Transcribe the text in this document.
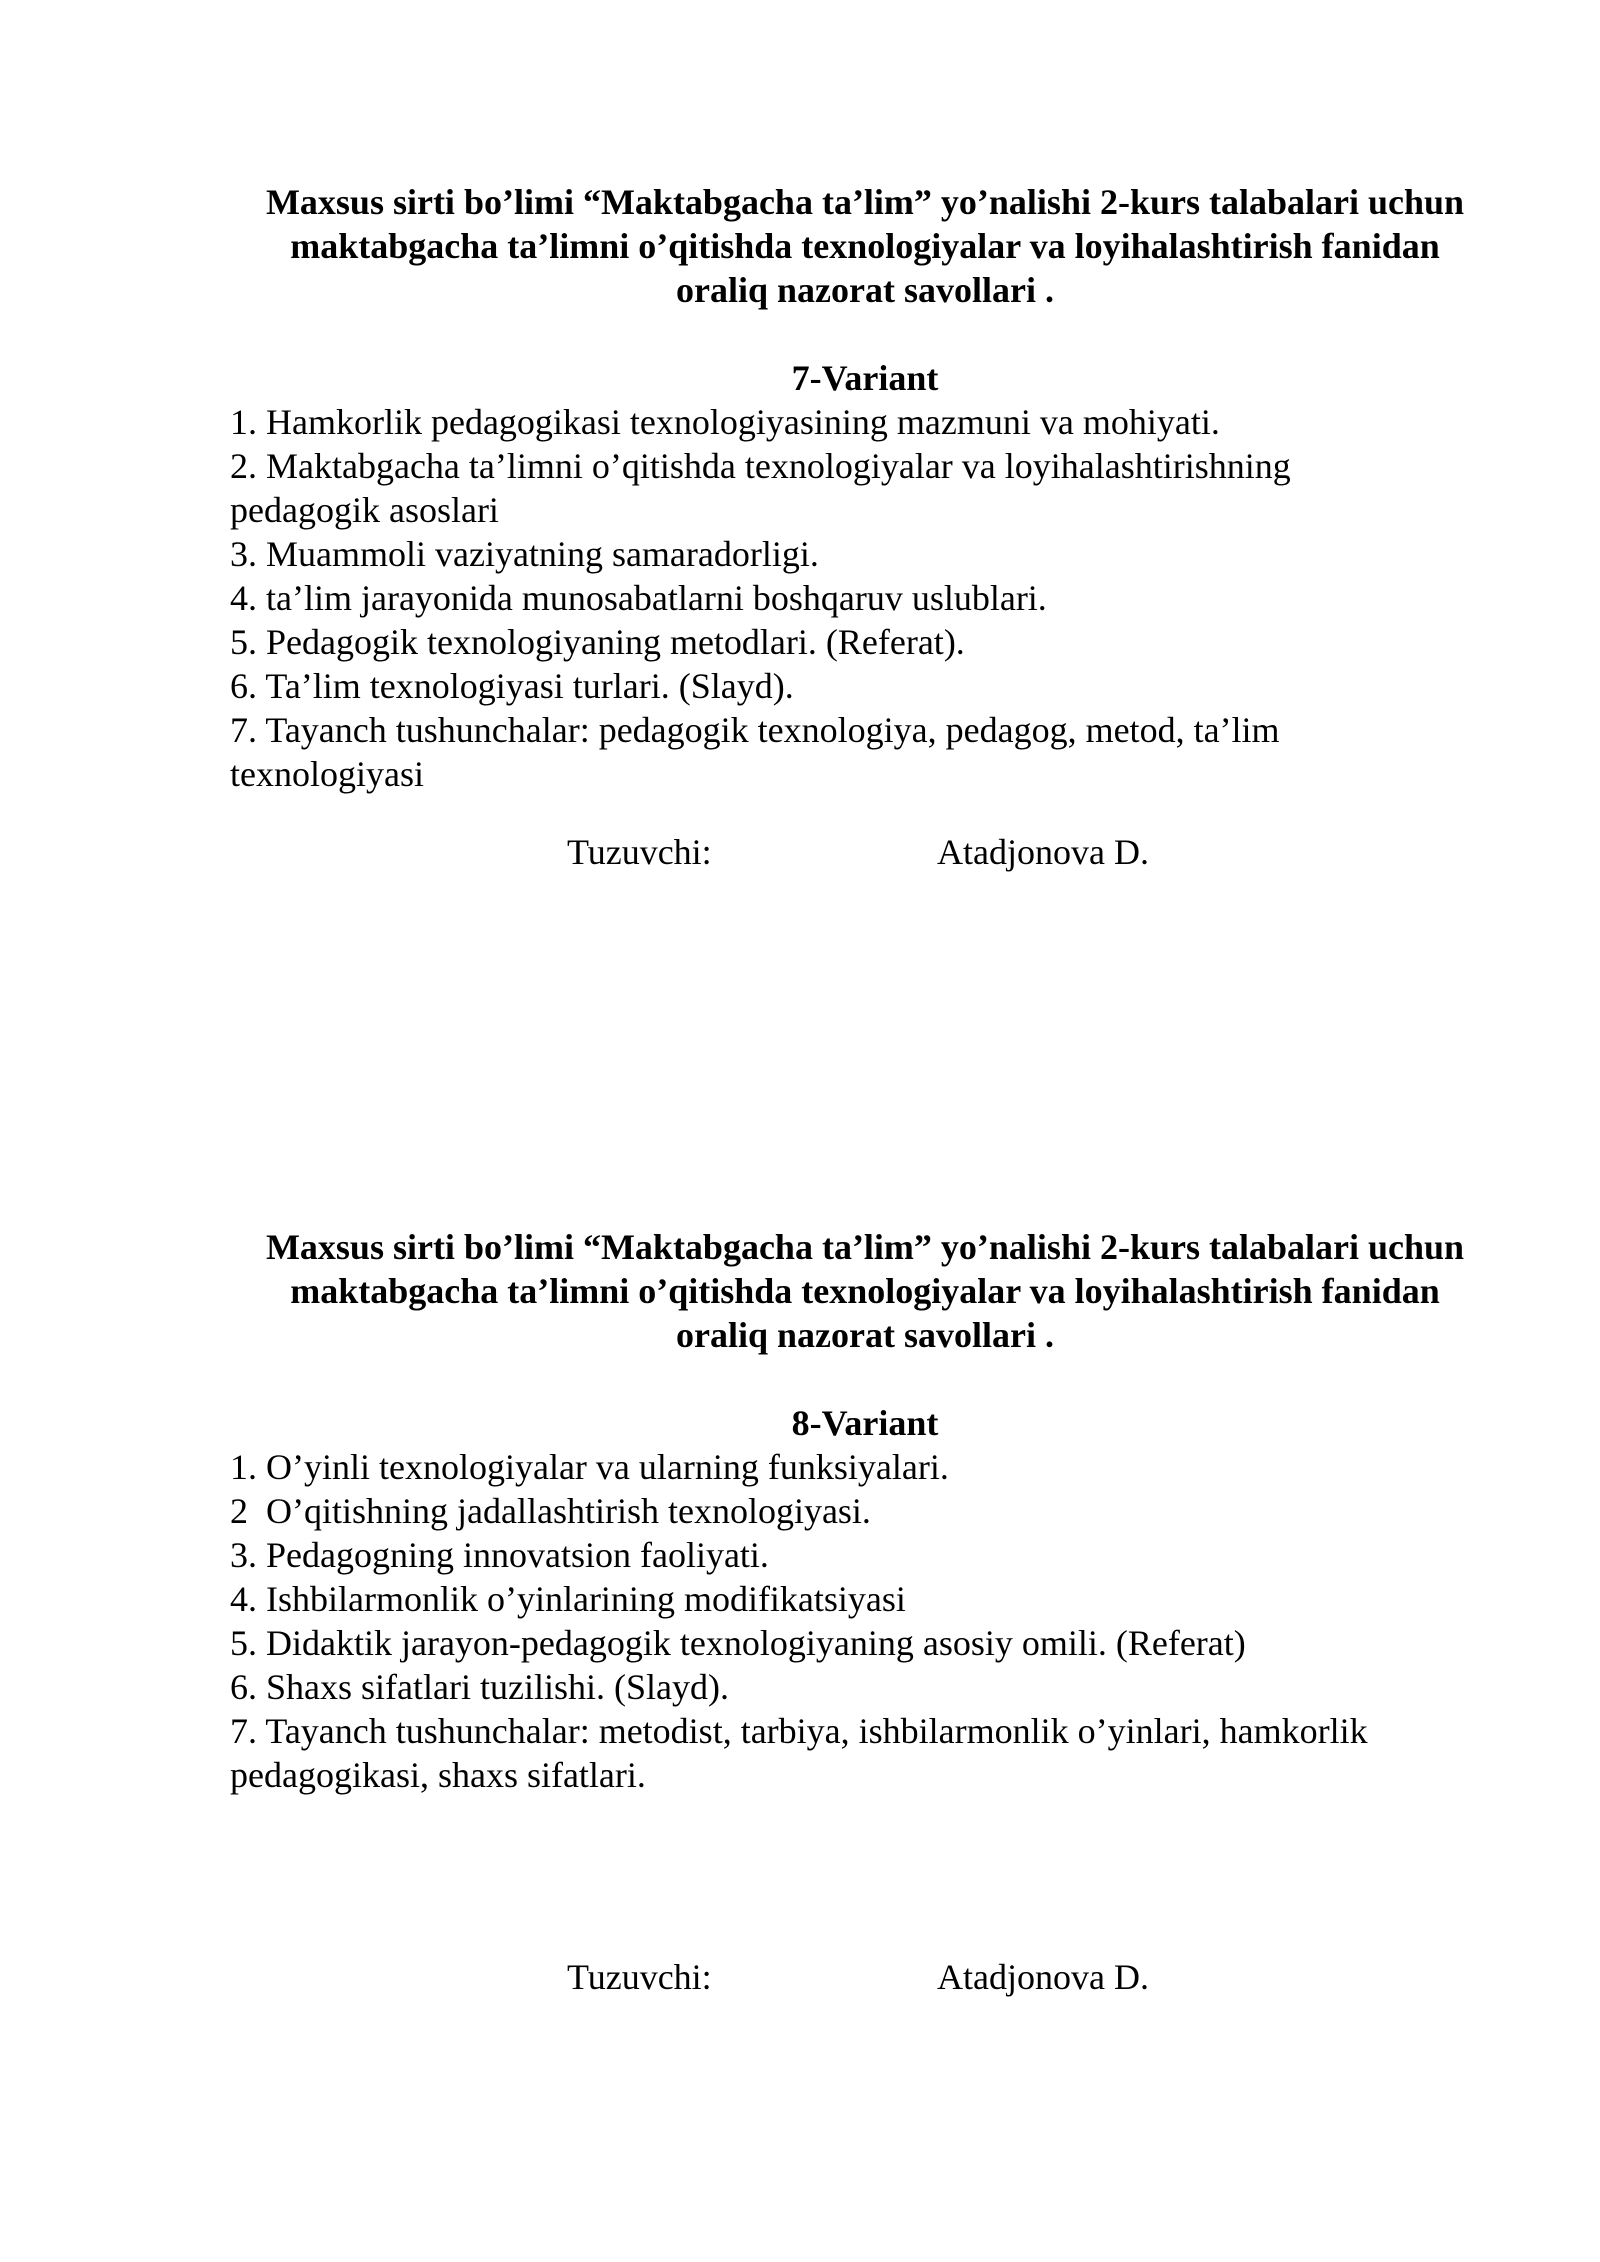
Maxsus sirti bo’limi “Maktabgacha ta’lim” yo’nalishi 2-kurs talabalari uchun
maktabgacha ta’limni o’qitishda texnologiyalar va loyihalashtirish fanidan
oraliq nazorat savollari .
7-Variant
1. Hamkorlik pedagogikasi texnologiyasining mazmuni va mohiyati.
2. Maktabgacha ta’limni o’qitishda texnologiyalar va loyihalashtirishning
pedagogik asoslari
3. Muammoli vaziyatning samaradorligi.
4. ta’lim jarayonida munosabatlarni boshqaruv uslublari.
5. Pedagogik texnologiyaning metodlari. (Referat).
6. Ta’lim texnologiyasi turlari. (Slayd).
7. Tayanch tushunchalar: pedagogik texnologiya, pedagog, metod, ta’lim
texnologiyasi
Tuzuvchi:	Atadjonova D.
Maxsus sirti bo’limi “Maktabgacha ta’lim” yo’nalishi 2-kurs talabalari uchun
maktabgacha ta’limni o’qitishda texnologiyalar va loyihalashtirish fanidan
oraliq nazorat savollari .
8-Variant
1. O’yinli texnologiyalar va ularning funksiyalari.
2  O’qitishning jadallashtirish texnologiyasi.
3. Pedagogning innovatsion faoliyati.
4. Ishbilarmonlik o’yinlarining modifikatsiyasi
5. Didaktik jarayon-pedagogik texnologiyaning asosiy omili. (Referat)
6. Shaxs sifatlari tuzilishi. (Slayd).
7. Tayanch tushunchalar: metodist, tarbiya, ishbilarmonlik o’yinlari, hamkorlik
pedagogikasi, shaxs sifatlari.
Tuzuvchi:	Atadjonova D.
